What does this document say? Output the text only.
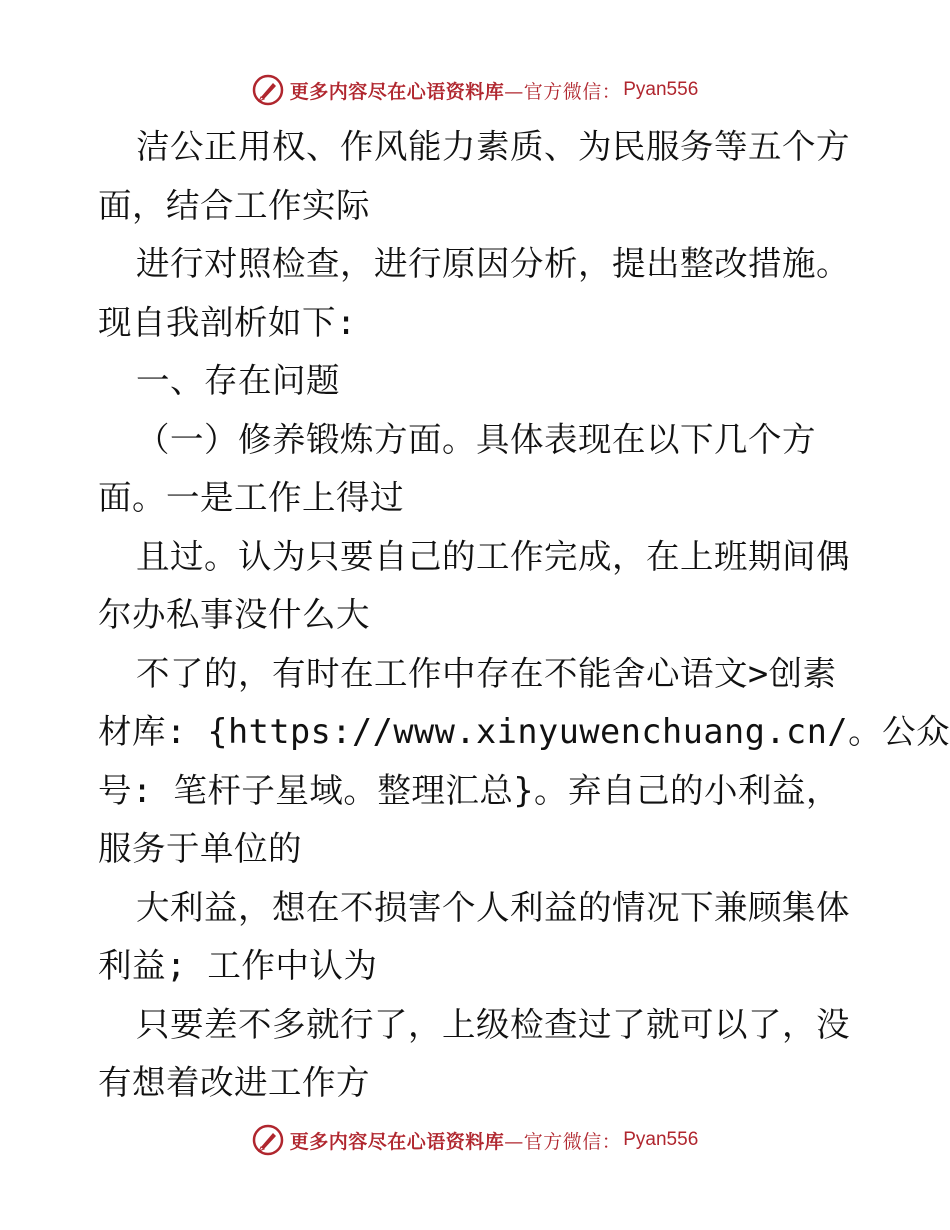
更多内容尽在心语资料库 —官方微信： Pyan556
洁公正用权、作风能力素质、为民服务等五个方
面，结合工作实际
进行对照检查，进行原因分析，提出整改措施。
现自我剖析如下:
一、存在问题
（一）修养锻炼方面。具体表现在以下几个方
面。一是工作上得过
且过。认为只要自己的工作完成，在上班期间偶
尔办私事没什么大
不了的，有时在工作中存在不能舍心语文>创素
材库: {https://www.xinyuwenchuang.cn/。公众
号: 笔杆子星域。整理汇总}。弃自己的小利益，
服务于单位的
大利益，想在不损害个人利益的情况下兼顾集体
利益; 工作中认为
只要差不多就行了，上级检查过了就可以了，没
有想着改进工作方
更多内容尽在心语资料库 —官方微信： Pyan556
